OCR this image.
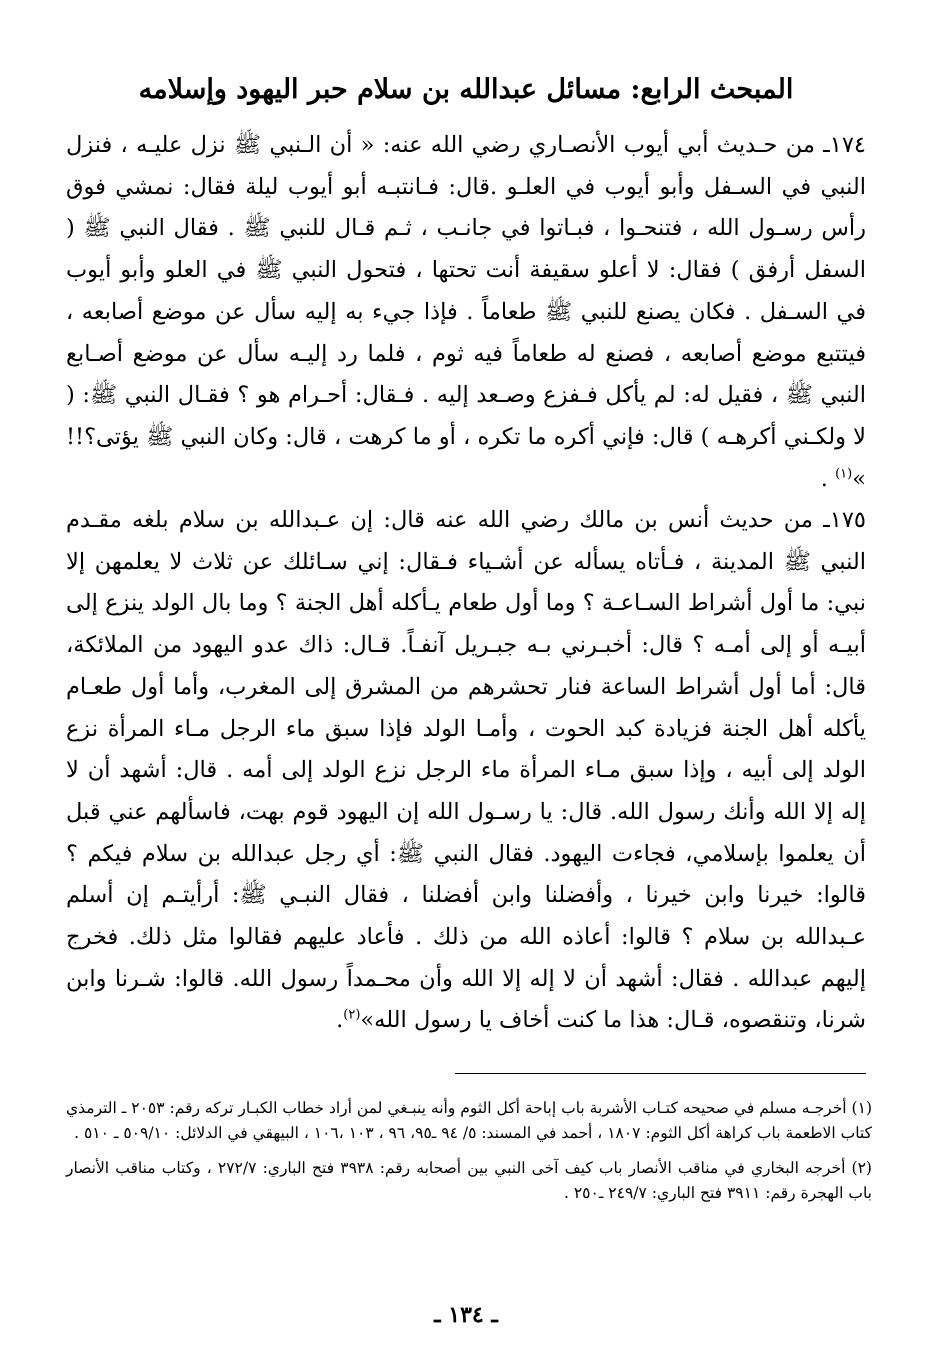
المبحث الرابع: مسائل عبدالله بن سلام حبر اليهود وإسلامه
١٧٤ـ من حـديث أبي أيوب الأنصـاري رضي الله عنه: « أن الـنبي ﷺ نزل عليـه ، فنزل النبي في السـفل وأبو أيوب في العلـو .قال: فـانتبـه أبو أيوب ليلة فقال: نمشي فوق رأس رسـول الله ، فتنحـوا ، فبـاتوا في جانـب ، ثـم قـال للنبي ﷺ . فقال النبي ﷺ ( السفل أرفق ) فقال: لا أعلو سقيفة أنت تحتها ، فتحول النبي ﷺ في العلو وأبو أيوب في السـفل . فكان يصنع للنبي ﷺ طعاماً . فإذا جيء به إليه سأل عن موضع أصابعه ، فيتتبع موضع أصابعه ، فصنع له طعاماً فيه ثوم ، فلما رد إليـه سأل عن موضع أصـابع النبي ﷺ ، فقيل له: لم يأكل فـفزع وصـعد إليه . فـقال: أحـرام هو ؟ فقـال النبي ﷺ: ( لا ولكـني أكرهـه ) قال: فإني أكره ما تكره ، أو ما كرهت ، قال: وكان النبي ﷺ يؤتى؟!! »$^{(١)}$ .
١٧٥ـ من حديث أنس بن مالك رضي الله عنه قال: إن عـبدالله بن سلام بلغه مقـدم النبي ﷺ المدينة ، فـأتاه يسأله عن أشـياء فـقال: إني سـائلك عن ثلاث لا يعلمهن إلا نبي: ما أول أشراط السـاعـة ؟ وما أول طعام يـأكله أهل الجنة ؟ وما بال الولد ينزع إلى أبيـه أو إلى أمـه ؟ قال: أخبـرني بـه جبـريل آنفـاً. قـال: ذاك عدو اليهود من الملائكة، قال: أما أول أشراط الساعة فنار تحشرهم من المشرق إلى المغرب، وأما أول طعـام يأكله أهل الجنة فزيادة كبد الحوت ، وأمـا الولد فإذا سبق ماء الرجل مـاء المرأة نزع الولد إلى أبيه ، وإذا سبق مـاء المرأة ماء الرجل نزع الولد إلى أمه . قال: أشهد أن لا إله إلا الله وأنك رسول الله. قال: يا رسـول الله إن اليهود قوم بهت، فاسألهم عني قبل أن يعلموا بإسلامي، فجاءت اليهود. فقال النبي ﷺ: أي رجل عبدالله بن سلام فيكم ؟ قالوا: خيرنا وابن خيرنا ، وأفضلنا وابن أفضلنا ، فقال النبـي ﷺ: أرأيتـم إن أسلم عـبدالله بن سلام ؟ قالوا: أعاذه الله من ذلك . فأعاد عليهم فقالوا مثل ذلك. فخرج إليهم عبدالله . فقال: أشهد أن لا إله إلا الله وأن محـمداً رسول الله. قالوا: شـرنا وابن شرنا، وتنقصوه، قـال: هذا ما كنت أخاف يا رسول الله»$^{(٢)}$.
(١) أخرجـه مسلم في صحيحه كتـاب الأشربة باب إباحة أكل الثوم وأنه ينبـغي لمن أراد خطاب الكبـار تركه رقم: ٢٠٥٣ ـ الترمذي كتاب الاطعمة باب كراهة أكل الثوم: ١٨٠٧ ، أحمد في المسند: ٥/ ٩٤ ـ٩٥، ٩٦ ، ١٠٣ ،١٠٦ ، البيهقي في الدلائل: ٥٠٩/١٠ ـ ٥١٠ .
(٢) أخرجه البخاري في مناقب الأنصار باب كيف آخى النبي بين أصحابه رقم: ٣٩٣٨ فتح الباري: ٢٧٢/٧ ، وكتاب مناقب الأنصار باب الهجرة رقم: ٣٩١١ فتح الباري: ٢٤٩/٧ ـ٢٥٠ .
ـ ١٣٤ ـ
